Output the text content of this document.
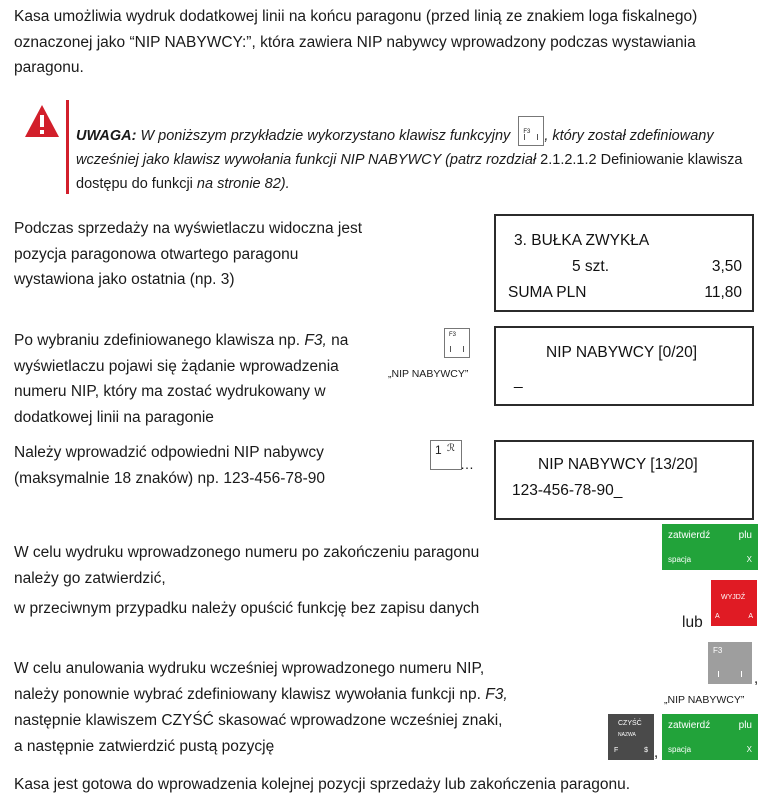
Kasa umożliwia wydruk dodatkowej linii na końcu paragonu (przed linią ze znakiem loga fiskalnego) oznaczonej jako “NIP NABYWCY:”, która zawiera NIP nabywcy wprowadzony podczas wystawiania paragonu.
UWAGA: W poniższym przykładzie wykorzystano klawisz funkcyjny F3 , który został zdefiniowany wcześniej jako klawisz wywołania funkcji NIP NABYWCY (patrz rozdział 2.1.2.1.2 Definiowanie klawisza dostępu do funkcji na stronie 82).
Podczas sprzedaży na wyświetlaczu widoczna jest pozycja paragonowa otwartego paragonu wystawiona jako ostatnia (np. 3)
3. BUŁKA ZWYKŁA
5 szt.	3,50
SUMA PLN	11,80
Po wybraniu zdefiniowanego klawisza np. F3, na wyświetlaczu pojawi się żądanie wprowadzenia numeru NIP, który ma zostać wydrukowany w dodatkowej linii na paragonie
F3
„NIP NABYWCY”
NIP NABYWCY [0/20]
_
Należy wprowadzić odpowiedni NIP nabywcy (maksymalnie 18 znaków) np. 123-456-78-90
1 ℛ
…	NIP NABYWCY [13/20]
123-456-78-90_
W celu wydruku wprowadzonego numeru po zakończeniu paragonu
należy go zatwierdzić,
w przeciwnym przypadku należy opuścić funkcję bez zapisu danych
zatwierdź	plu
spacja	X
lub
WYJDŹ
A	A
W celu anulowania wydruku wcześniej wprowadzonego numeru NIP,
należy ponownie wybrać zdefiniowany klawisz wywołania funkcji np. F3,
następnie klawiszem CZYŚĆ skasować wprowadzone wcześniej znaki,
a następnie zatwierdzić pustą pozycję
F3
,
„NIP NABYWCY”
CZYŚĆ
NAZWA
F	$ ,
zatwierdź	plu
spacja	X
Kasa jest gotowa do wprowadzenia kolejnej pozycji sprzedaży lub zakończenia paragonu.
